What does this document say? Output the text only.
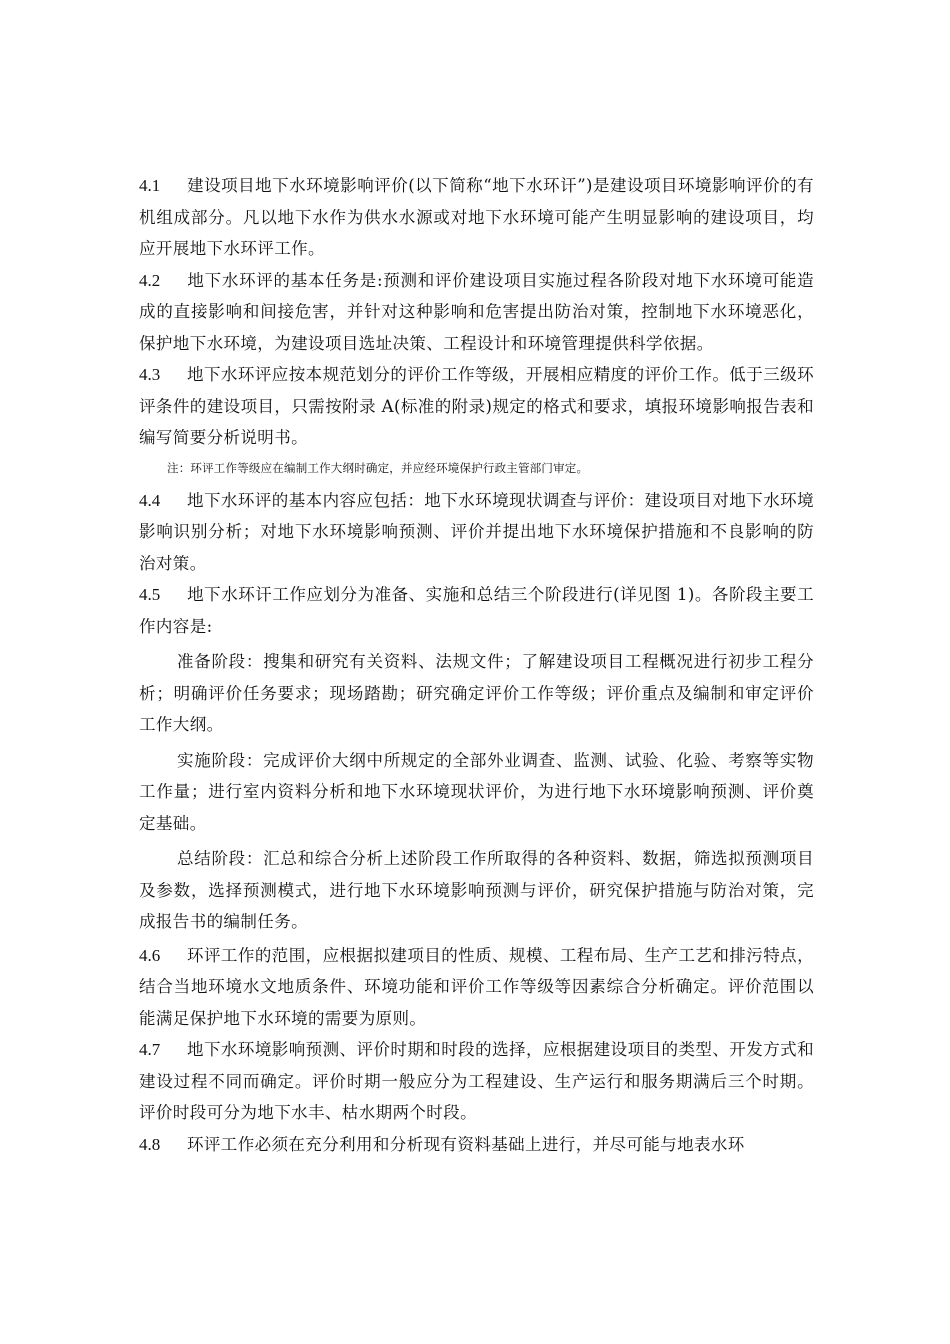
4.1 建设项目地下水环境影响评价(以下简称“地下水环讦”)是建设项目环境影响评价的有机组成部分。凡以地下水作为供水水源或对地下水环境可能产生明显影响的建设项目，均应开展地下水环评工作。

4.2 地下水环评的基本任务是:预测和评价建设项目实施过程各阶段对地下水环境可能造成的直接影响和间接危害，并针对这种影响和危害提出防治对策，控制地下水环境恶化，保护地下水环境，为建设项目选址决策、工程设计和环境管理提供科学依据。

4.3 地下水环评应按本规范划分的评价工作等级，开展相应精度的评价工作。低于三级环评条件的建设项目，只需按附录 A(标准的附录)规定的格式和要求，填报环境影响报告表和编写简要分析说明书。

注：环评工作等级应在编制工作大纲时确定，并应经环境保护行政主管部门审定。

4.4 地下水环评的基本内容应包括：地下水环境现状调查与评价：建设项目对地下水环境影响识别分析；对地下水环境影响预测、评价并提出地下水环境保护措施和不良影响的防治对策。

4.5 地下水环讦工作应划分为准备、实施和总结三个阶段进行(详见图 1)。各阶段主要工作内容是:

准备阶段：搜集和研究有关资料、法规文件；了解建设项目工程概况进行初步工程分析；明确评价任务要求；现场踏勘；研究确定评价工作等级；评价重点及编制和审定评价工作大纲。

实施阶段：完成评价大纲中所规定的全部外业调查、监测、试验、化验、考察等实物工作量；进行室内资料分析和地下水环境现状评价，为进行地下水环境影响预测、评价奠定基础。

总结阶段：汇总和综合分析上述阶段工作所取得的各种资料、数据，筛选拟预测项目及参数，选择预测模式，进行地下水环境影响预测与评价，研究保护措施与防治对策，完成报告书的编制任务。

4.6 环评工作的范围，应根据拟建项目的性质、规模、工程布局、生产工艺和排污特点，结合当地环境水文地质条件、环境功能和评价工作等级等因素综合分析确定。评价范围以能满足保护地下水环境的需要为原则。

4.7 地下水环境影响预测、评价时期和时段的选择，应根据建设项目的类型、开发方式和建设过程不同而确定。评价时期一般应分为工程建设、生产运行和服务期满后三个时期。评价时段可分为地下水丰、枯水期两个时段。

4.8 环评工作必须在充分利用和分析现有资料基础上进行，并尽可能与地表水环
